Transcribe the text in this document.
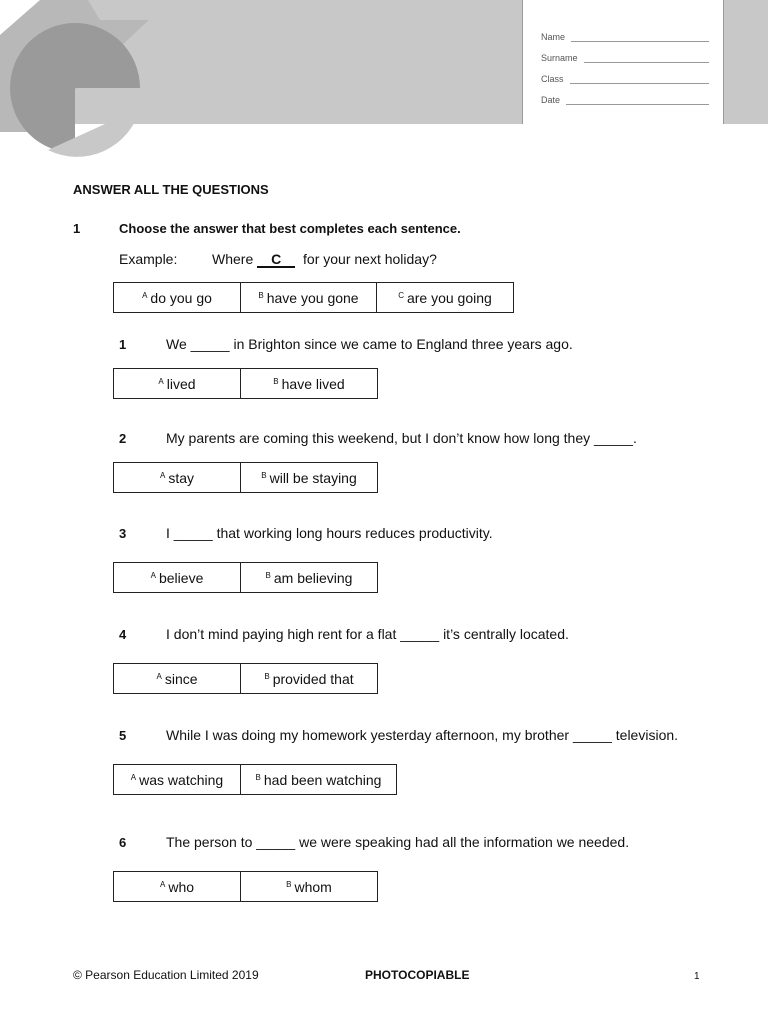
Name
Surname
Class
Date
ANSWER ALL THE QUESTIONS
1	Choose the answer that best completes each sentence.
Example: Where C for your next holiday?
$^A$ do you go	$^B$ have you gone	$^C$ are you going
1	We _____ in Brighton since we came to England three years ago.
$^A$ lived	$^B$ have lived
2	My parents are coming this weekend, but I don’t know how long they _____.
$^A$ stay	$^B$ will be staying
3	I _____ that working long hours reduces productivity.
$^A$ believe	$^B$ am believing
4	I don’t mind paying high rent for a flat _____ it’s centrally located.
$^A$ since	$^B$ provided that
5	While I was doing my homework yesterday afternoon, my brother _____ television.
$^A$ was watching	$^B$ had been watching
6	The person to _____ we were speaking had all the information we needed.
$^A$ who	$^B$ whom
© Pearson Education Limited 2019	PHOTOCOPIABLE	1
